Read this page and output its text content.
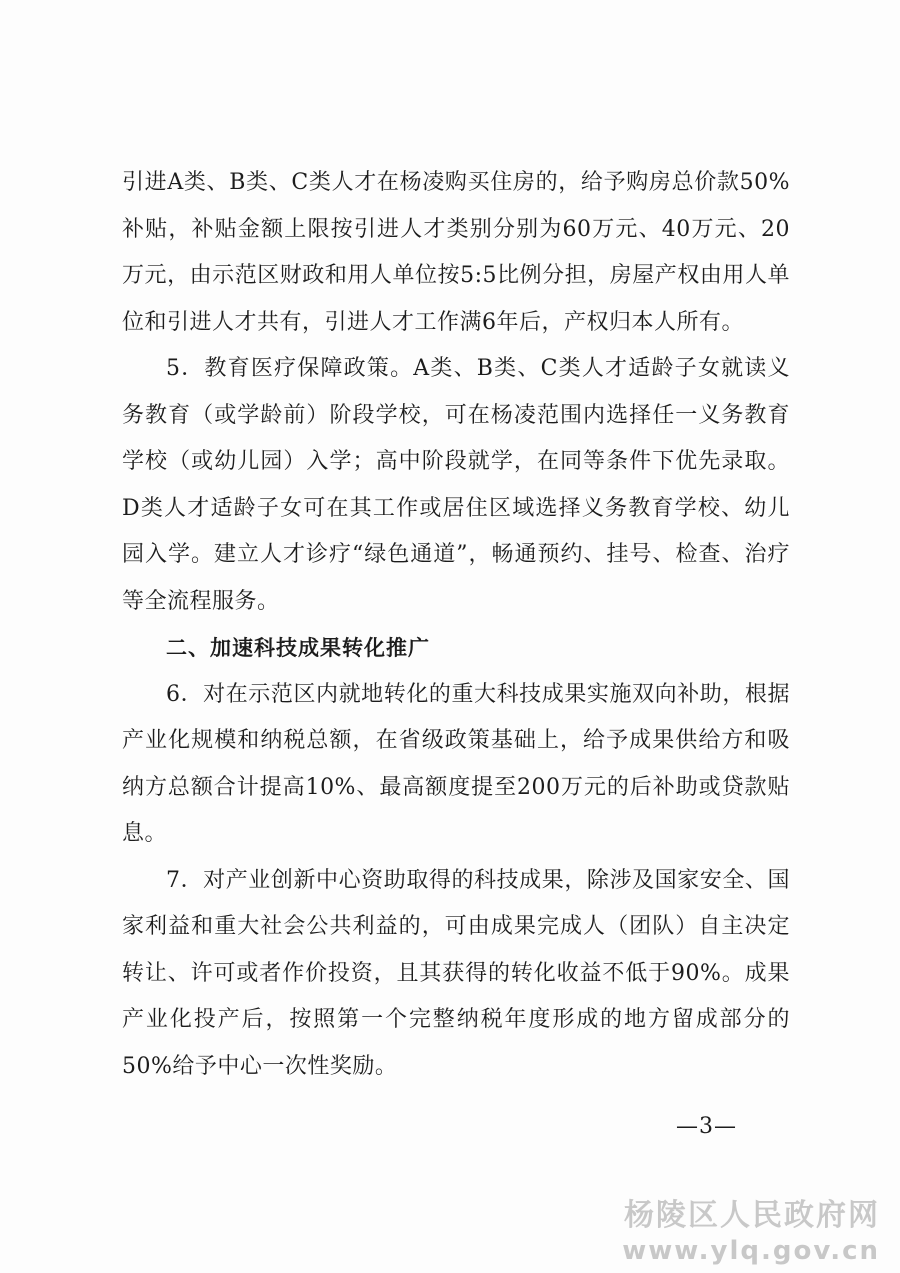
引进A类、B类、C类人才在杨凌购买住房的，给予购房总价款50%补贴，补贴金额上限按引进人才类别分别为60万元、40万元、20万元，由示范区财政和用人单位按5:5比例分担，房屋产权由用人单位和引进人才共有，引进人才工作满6年后，产权归本人所有。

5．教育医疗保障政策。A类、B类、C类人才适龄子女就读义务教育（或学龄前）阶段学校，可在杨凌范围内选择任一义务教育学校（或幼儿园）入学；高中阶段就学，在同等条件下优先录取。D类人才适龄子女可在其工作或居住区域选择义务教育学校、幼儿园入学。建立人才诊疗“绿色通道”，畅通预约、挂号、检查、治疗等全流程服务。

二、加速科技成果转化推广

6．对在示范区内就地转化的重大科技成果实施双向补助，根据产业化规模和纳税总额，在省级政策基础上，给予成果供给方和吸纳方总额合计提高10%、最高额度提至200万元的后补助或贷款贴息。

7．对产业创新中心资助取得的科技成果，除涉及国家安全、国家利益和重大社会公共利益的，可由成果完成人（团队）自主决定转让、许可或者作价投资，且其获得的转化收益不低于90%。成果产业化投产后，按照第一个完整纳税年度形成的地方留成部分的50%给予中心一次性奖励。

—3—
杨陵区人民政府网
www.ylq.gov.cn
